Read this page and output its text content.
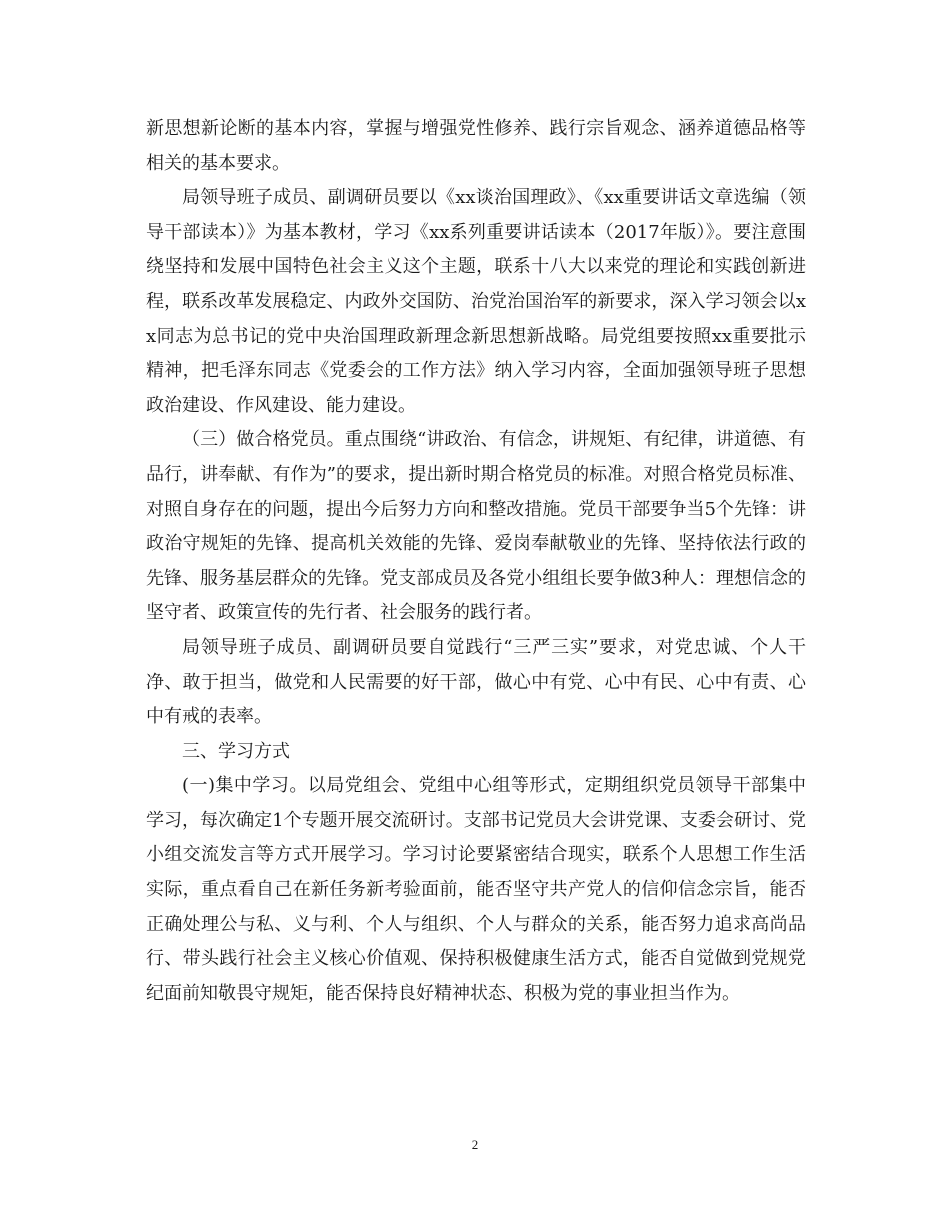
新思想新论断的基本内容，掌握与增强党性修养、践行宗旨观念、涵养道德品格等相关的基本要求。

局领导班子成员、副调研员要以《xx谈治国理政》、《xx重要讲话文章选编（领导干部读本）》为基本教材，学习《xx系列重要讲话读本（2017年版）》。要注意围绕坚持和发展中国特色社会主义这个主题，联系十八大以来党的理论和实践创新进程，联系改革发展稳定、内政外交国防、治党治国治军的新要求，深入学习领会以xx同志为总书记的党中央治国理政新理念新思想新战略。局党组要按照xx重要批示精神，把毛泽东同志《党委会的工作方法》纳入学习内容，全面加强领导班子思想政治建设、作风建设、能力建设。

（三）做合格党员。重点围绕“讲政治、有信念，讲规矩、有纪律，讲道德、有品行，讲奉献、有作为”的要求，提出新时期合格党员的标准。对照合格党员标准、对照自身存在的问题，提出今后努力方向和整改措施。党员干部要争当5个先锋：讲政治守规矩的先锋、提高机关效能的先锋、爱岗奉献敬业的先锋、坚持依法行政的先锋、服务基层群众的先锋。党支部成员及各党小组组长要争做3种人：理想信念的坚守者、政策宣传的先行者、社会服务的践行者。

局领导班子成员、副调研员要自觉践行“三严三实”要求，对党忠诚、个人干净、敢于担当，做党和人民需要的好干部，做心中有党、心中有民、心中有责、心中有戒的表率。

三、学习方式

(一)集中学习。以局党组会、党组中心组等形式，定期组织党员领导干部集中学习，每次确定1个专题开展交流研讨。支部书记党员大会讲党课、支委会研讨、党小组交流发言等方式开展学习。学习讨论要紧密结合现实，联系个人思想工作生活实际，重点看自己在新任务新考验面前，能否坚守共产党人的信仰信念宗旨，能否正确处理公与私、义与利、个人与组织、个人与群众的关系，能否努力追求高尚品行、带头践行社会主义核心价值观、保持积极健康生活方式，能否自觉做到党规党纪面前知敬畏守规矩，能否保持良好精神状态、积极为党的事业担当作为。

2
